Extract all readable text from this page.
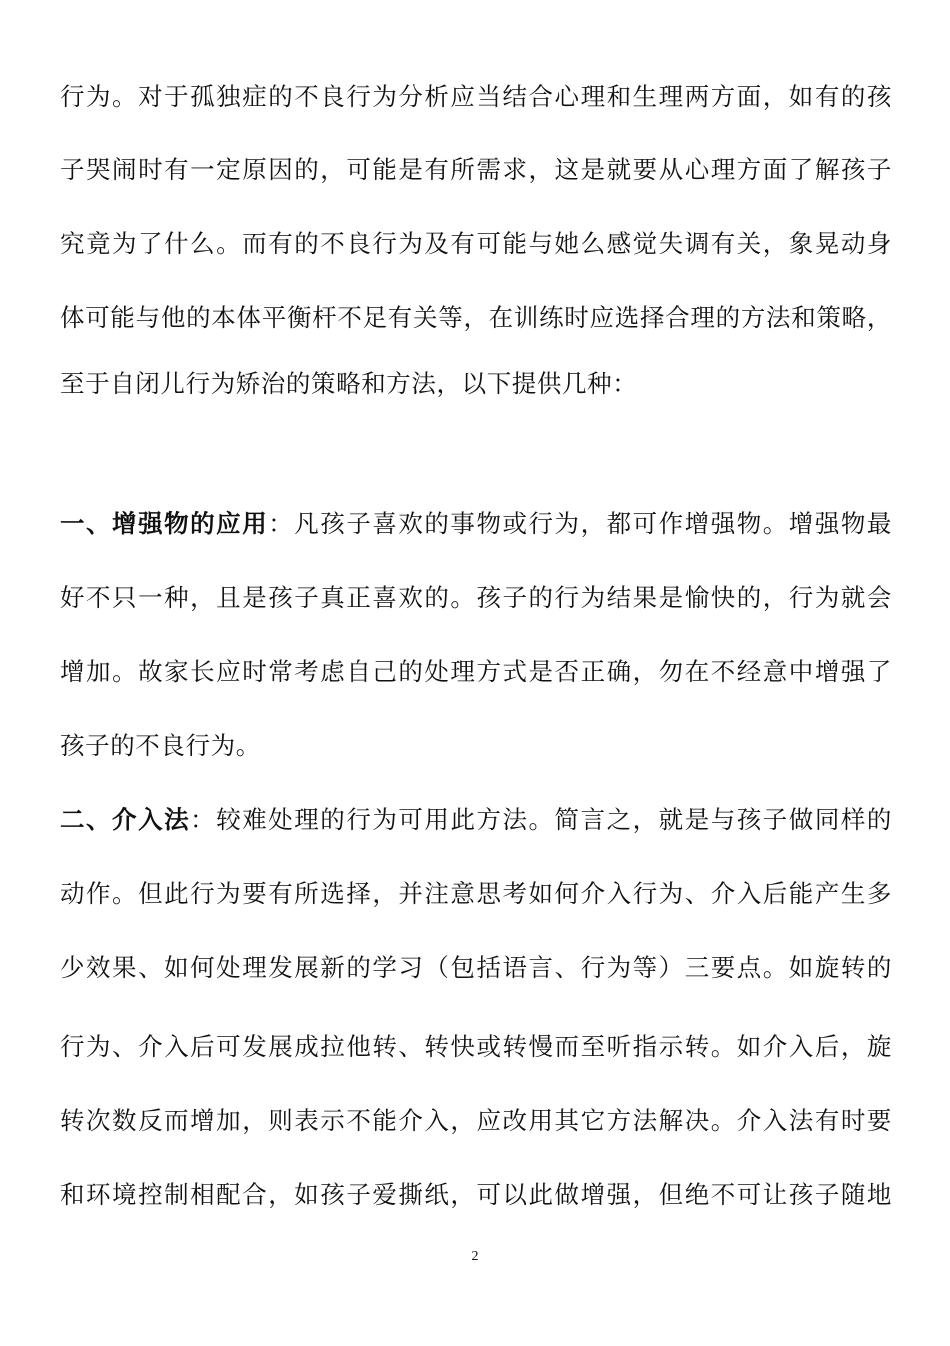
行为。对于孤独症的不良行为分析应当结合心理和生理两方面，如有的孩
子哭闹时有一定原因的，可能是有所需求，这是就要从心理方面了解孩子
究竟为了什么。而有的不良行为及有可能与她么感觉失调有关，象晃动身
体可能与他的本体平衡杆不足有关等，在训练时应选择合理的方法和策略，
至于自闭儿行为矫治的策略和方法，以下提供几种：
一、增强物的应用：凡孩子喜欢的事物或行为，都可作增强物。增强物最
好不只一种，且是孩子真正喜欢的。孩子的行为结果是愉快的，行为就会
增加。故家长应时常考虑自己的处理方式是否正确，勿在不经意中增强了
孩子的不良行为。
二、介入法：较难处理的行为可用此方法。简言之，就是与孩子做同样的
动作。但此行为要有所选择，并注意思考如何介入行为、介入后能产生多
少效果、如何处理发展新的学习（包括语言、行为等）三要点。如旋转的
行为、介入后可发展成拉他转、转快或转慢而至听指示转。如介入后，旋
转次数反而增加，则表示不能介入，应改用其它方法解决。介入法有时要
和环境控制相配合，如孩子爱撕纸，可以此做增强，但绝不可让孩子随地
2
